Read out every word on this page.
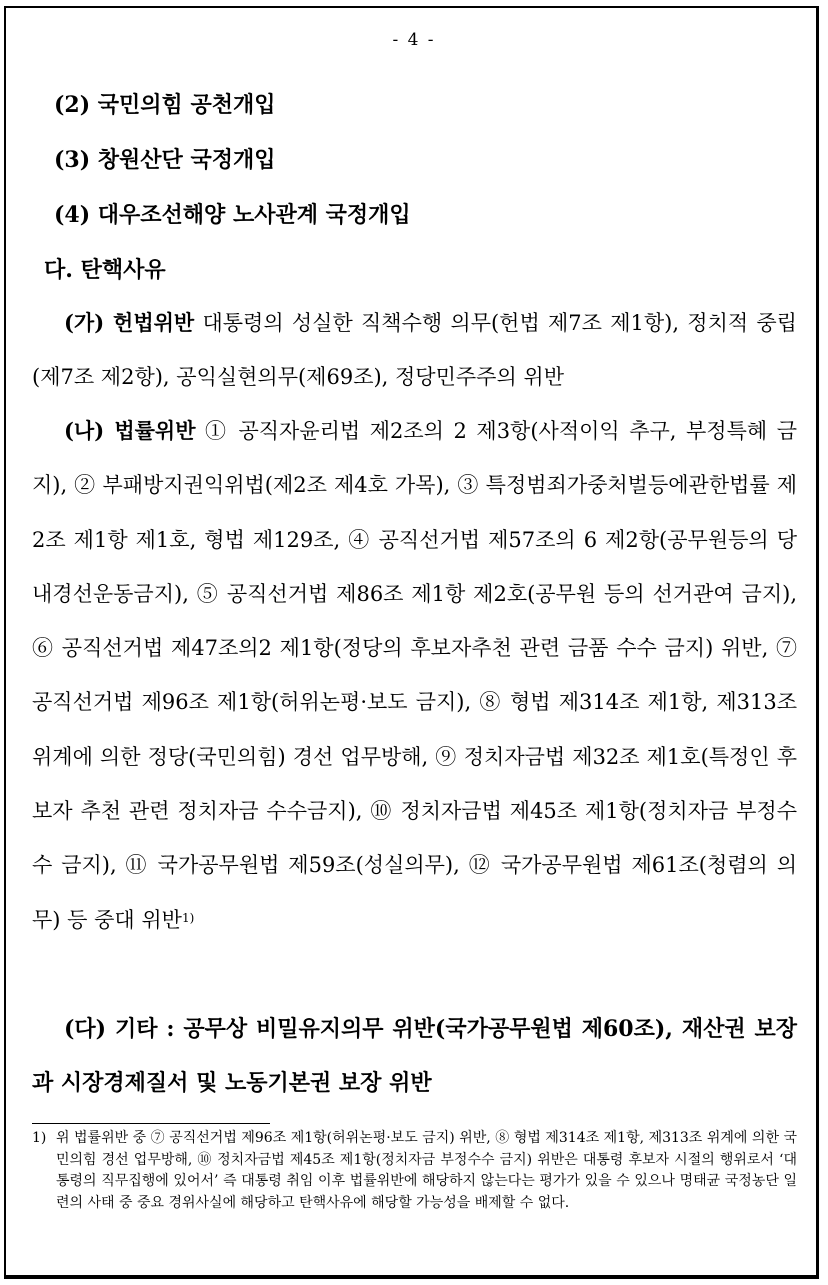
- 4 -
(2) 국민의힘 공천개입
(3) 창원산단 국정개입
(4) 대우조선해양 노사관계 국정개입
다. 탄핵사유
(가) 헌법위반 대통령의 성실한 직책수행 의무(헌법 제7조 제1항), 정치적 중립(제7조 제2항), 공익실현의무(제69조), 정당민주주의 위반
(나) 법률위반 ① 공직자윤리법 제2조의 2 제3항(사적이익 추구, 부정특혜 금지), ② 부패방지권익위법(제2조 제4호 가목), ③ 특정범죄가중처벌등에관한법률 제2조 제1항 제1호, 형법 제129조, ④ 공직선거법 제57조의 6 제2항(공무원등의 당내경선운동금지), ⑤ 공직선거법 제86조 제1항 제2호(공무원 등의 선거관여 금지), ⑥ 공직선거법 제47조의2 제1항(정당의 후보자추천 관련 금품 수수 금지) 위반, ⑦ 공직선거법 제96조 제1항(허위논평·보도 금지), ⑧ 형법 제314조 제1항, 제313조 위계에 의한 정당(국민의힘) 경선 업무방해, ⑨ 정치자금법 제32조 제1호(특정인 후보자 추천 관련 정치자금 수수금지), ⑩ 정치자금법 제45조 제1항(정치자금 부정수수 금지), ⑪ 국가공무원법 제59조(성실의무), ⑫ 국가공무원법 제61조(청렴의 의무) 등 중대 위반$^{1)}$
(다) 기타 : 공무상 비밀유지의무 위반(국가공무원법 제60조), 재산권 보장과 시장경제질서 및 노동기본권 보장 위반
1) 위 법률위반 중 ⑦ 공직선거법 제96조 제1항(허위논평·보도 금지) 위반, ⑧ 형법 제314조 제1항, 제313조 위계에 의한 국민의힘 경선 업무방해, ⑩ 정치자금법 제45조 제1항(정치자금 부정수수 금지) 위반은 대통령 후보자 시절의 행위로서 ‘대통령의 직무집행에 있어서’ 즉 대통령 취임 이후 법률위반에 해당하지 않는다는 평가가 있을 수 있으나 명태균 국정농단 일련의 사태 중 중요 경위사실에 해당하고 탄핵사유에 해당할 가능성을 배제할 수 없다.
